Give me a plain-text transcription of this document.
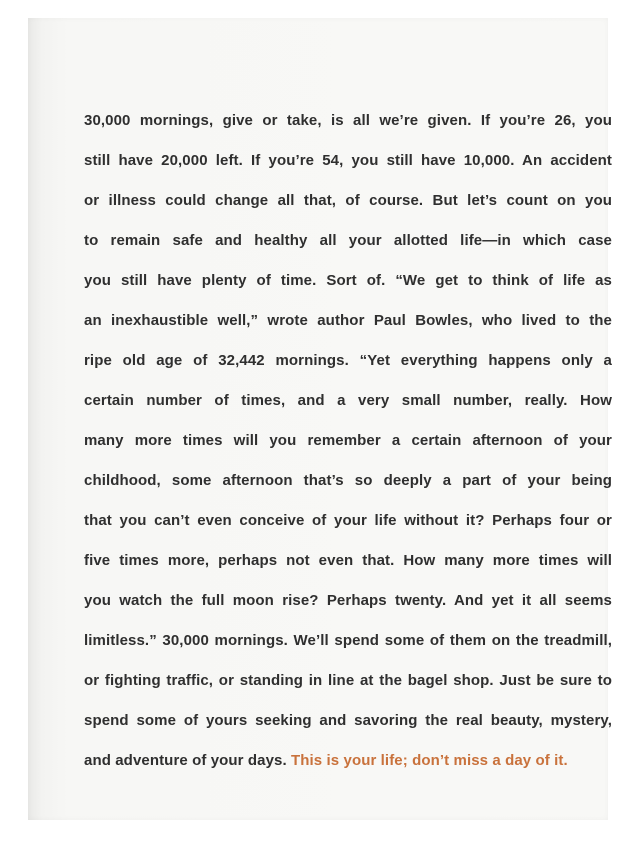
30,000 mornings, give or take, is all we’re given. If you’re 26, you
still have 20,000 left. If you’re 54, you still have 10,000. An accident
or illness could change all that, of course. But let’s count on you
to remain safe and healthy all your allotted life—in which case
you still have plenty of time. Sort of. “We get to think of life as
an inexhaustible well,” wrote author Paul Bowles, who lived to the
ripe old age of 32,442 mornings. “Yet everything happens only a
certain number of times, and a very small number, really. How
many more times will you remember a certain afternoon of your
childhood, some afternoon that’s so deeply a part of your being
that you can’t even conceive of your life without it? Perhaps four or
five times more, perhaps not even that. How many more times will
you watch the full moon rise? Perhaps twenty. And yet it all seems
limitless.” 30,000 mornings. We’ll spend some of them on the treadmill,
or fighting traffic, or standing in line at the bagel shop. Just be sure to
spend some of yours seeking and savoring the real beauty, mystery,
and adventure of your days. This is your life; don’t miss a day of it.
